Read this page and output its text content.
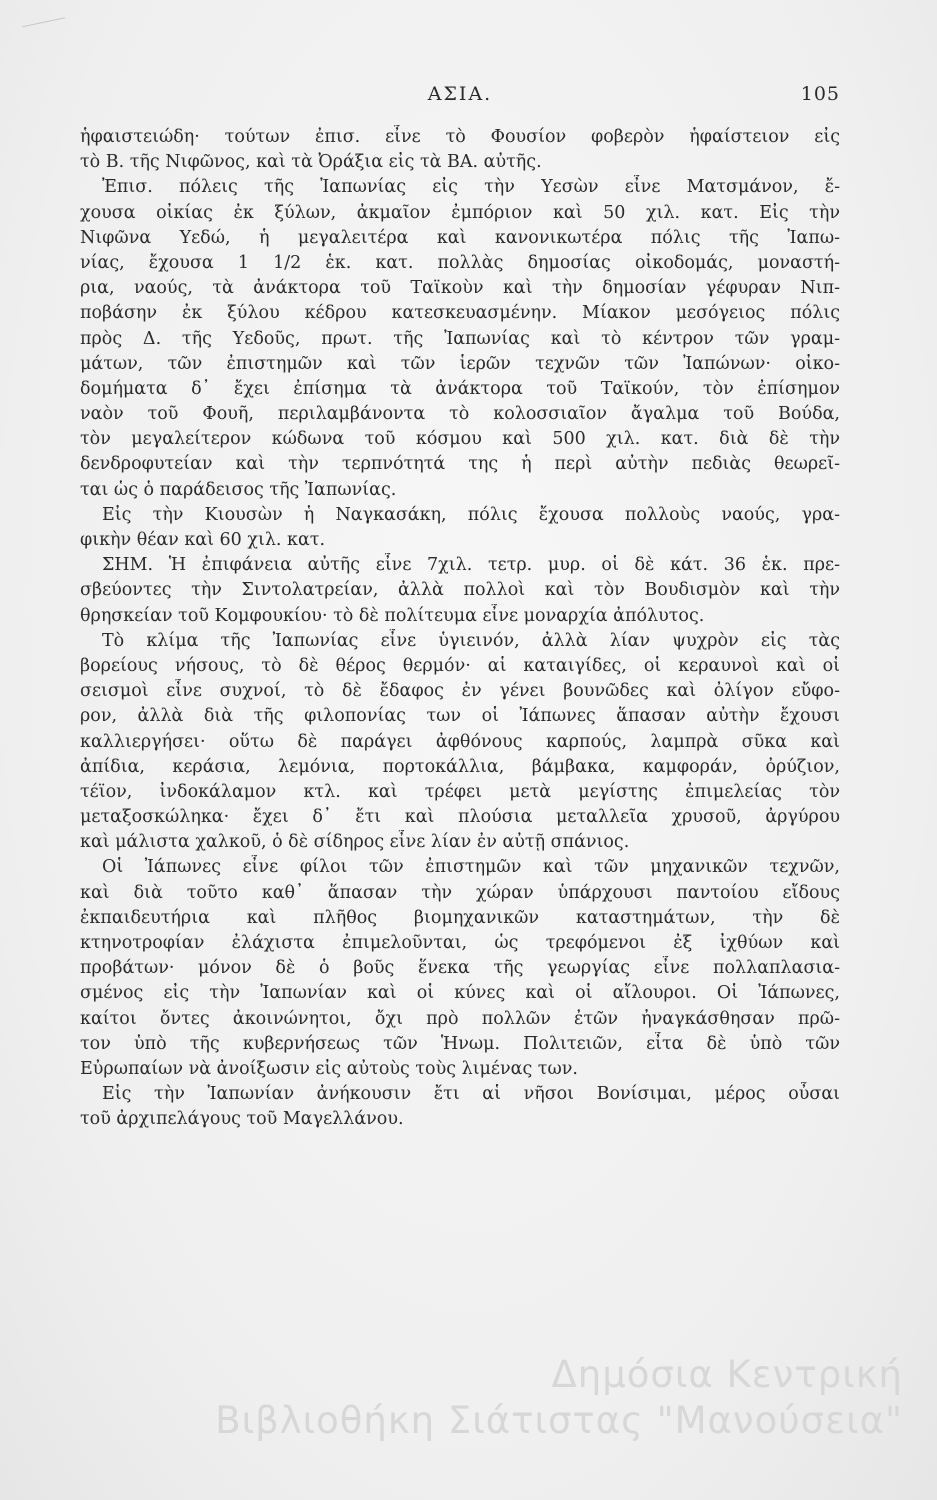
ΑΣΙΑ.	105
ἡφαιστειώδη· τούτων ἐπισ. εἶνε τὸ Φουσίον φοβερὸν ἡφαίστειον εἰς
τὸ Β. τῆς Νιφῶνος, καὶ τὰ Ὀράξια εἰς τὰ ΒΑ. αὐτῆς.
Ἐπισ. πόλεις τῆς Ἰαπωνίας εἰς τὴν Υεσὼν εἶνε Ματσμάνον, ἔ-
χουσα οἰκίας ἐκ ξύλων, ἀκμαῖον ἐμπόριον καὶ 50 χιλ. κατ. Εἰς τὴν
Νιφῶνα Υεδώ, ἡ μεγαλειτέρα καὶ κανονικωτέρα πόλις τῆς Ἰαπω-
νίας, ἔχουσα 1 1/2 ἑκ. κατ. πολλὰς δημοσίας οἰκοδομάς, μοναστή-
ρια, ναούς, τὰ ἀνάκτορα τοῦ Ταϊκοὺν καὶ τὴν δημοσίαν γέφυραν Νιπ-
ποβάσην ἐκ ξύλου κέδρου κατεσκευασμένην. Μίακον μεσόγειος πόλις
πρὸς Δ. τῆς Υεδοῦς, πρωτ. τῆς Ἰαπωνίας καὶ τὸ κέντρον τῶν γραμ-
μάτων, τῶν ἐπιστημῶν καὶ τῶν ἱερῶν τεχνῶν τῶν Ἰαπώνων· οἰκο-
δομήματα δ᾽ ἔχει ἐπίσημα τὰ ἀνάκτορα τοῦ Ταϊκούν, τὸν ἐπίσημον
ναὸν τοῦ Φουῆ, περιλαμβάνοντα τὸ κολοσσιαῖον ἄγαλμα τοῦ Βούδα,
τὸν μεγαλείτερον κώδωνα τοῦ κόσμου καὶ 500 χιλ. κατ. διὰ δὲ τὴν
δενδροφυτείαν καὶ τὴν τερπνότητά της ἡ περὶ αὐτὴν πεδιὰς θεωρεῖ-
ται ὡς ὁ παράδεισος τῆς Ἰαπωνίας.
Εἰς τὴν Κιουσὼν ἡ Ναγκασάκη, πόλις ἔχουσα πολλοὺς ναούς, γρα-
φικὴν θέαν καὶ 60 χιλ. κατ.
ΣΗΜ. Ἡ ἐπιφάνεια αὐτῆς εἶνε 7χιλ. τετρ. μυρ. οἱ δὲ κάτ. 36 ἑκ. πρε-
σβεύοντες τὴν Σιντολατρείαν, ἀλλὰ πολλοὶ καὶ τὸν Βουδισμὸν καὶ τὴν
θρησκείαν τοῦ Κομφουκίου· τὸ δὲ πολίτευμα εἶνε μοναρχία ἀπόλυτος.
Τὸ κλίμα τῆς Ἰαπωνίας εἶνε ὑγιεινόν, ἀλλὰ λίαν ψυχρὸν εἰς τὰς
βορείους νήσους, τὸ δὲ θέρος θερμόν· αἱ καταιγίδες, οἱ κεραυνοὶ καὶ οἱ
σεισμοὶ εἶνε συχνοί, τὸ δὲ ἔδαφος ἐν γένει βουνῶδες καὶ ὀλίγον εὔφο-
ρον, ἀλλὰ διὰ τῆς φιλοπονίας των οἱ Ἰάπωνες ἅπασαν αὐτὴν ἔχουσι
καλλιεργήσει· οὕτω δὲ παράγει ἀφθόνους καρπούς, λαμπρὰ σῦκα καὶ
ἀπίδια, κεράσια, λεμόνια, πορτοκάλλια, βάμβακα, καμφοράν, ὀρύζιον,
τέϊον, ἰνδοκάλαμον κτλ. καὶ τρέφει μετὰ μεγίστης ἐπιμελείας τὸν
μεταξοσκώληκα· ἔχει δ᾽ ἔτι καὶ πλούσια μεταλλεῖα χρυσοῦ, ἀργύρου
καὶ μάλιστα χαλκοῦ, ὁ δὲ σίδηρος εἶνε λίαν ἐν αὐτῇ σπάνιος.
Οἱ Ἰάπωνες εἶνε φίλοι τῶν ἐπιστημῶν καὶ τῶν μηχανικῶν τεχνῶν,
καὶ διὰ τοῦτο καθ᾽ ἅπασαν τὴν χώραν ὑπάρχουσι παντοίου εἴδους
ἐκπαιδευτήρια καὶ πλῆθος βιομηχανικῶν καταστημάτων, τὴν δὲ
κτηνοτροφίαν ἐλάχιστα ἐπιμελοῦνται, ὡς τρεφόμενοι ἐξ ἰχθύων καὶ
προβάτων· μόνον δὲ ὁ βοῦς ἕνεκα τῆς γεωργίας εἶνε πολλαπλασια-
σμένος εἰς τὴν Ἰαπωνίαν καὶ οἱ κύνες καὶ οἱ αἴλουροι. Οἱ Ἰάπωνες,
καίτοι ὄντες ἀκοινώνητοι, ὄχι πρὸ πολλῶν ἐτῶν ἠναγκάσθησαν πρῶ-
τον ὑπὸ τῆς κυβερνήσεως τῶν Ἡνωμ. Πολιτειῶν, εἶτα δὲ ὑπὸ τῶν
Εὐρωπαίων νὰ ἀνοίξωσιν εἰς αὐτοὺς τοὺς λιμένας των.
Εἰς τὴν Ἰαπωνίαν ἀνήκουσιν ἔτι αἱ νῆσοι Βονίσιμαι, μέρος οὖσαι
τοῦ ἀρχιπελάγους τοῦ Μαγελλάνου.
Δημόσια Κεντρική
Βιβλιοθήκη Σιάτιστας "Μανούσεια"
